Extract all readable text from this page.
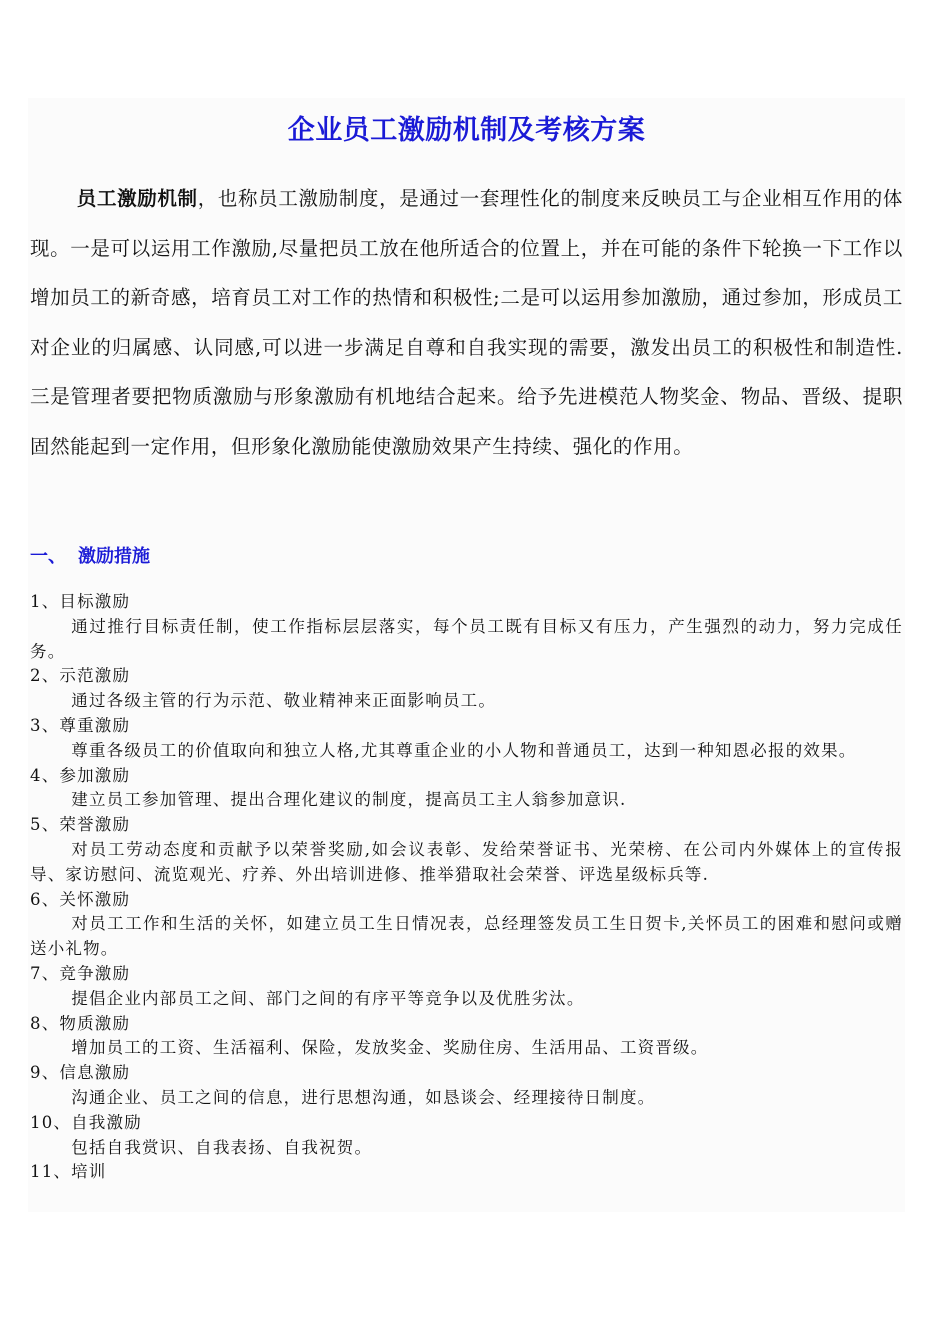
企业员工激励机制及考核方案

员工激励机制，也称员工激励制度，是通过一套理性化的制度来反映员工与企业相互作用的体现。一是可以运用工作激励,尽量把员工放在他所适合的位置上，并在可能的条件下轮换一下工作以增加员工的新奇感，培育员工对工作的热情和积极性;二是可以运用参加激励，通过参加，形成员工对企业的归属感、认同感,可以进一步满足自尊和自我实现的需要，激发出员工的积极性和制造性.三是管理者要把物质激励与形象激励有机地结合起来。给予先进模范人物奖金、物品、晋级、提职固然能起到一定作用，但形象化激励能使激励效果产生持续、强化的作用。

一、 激励措施
1、目标激励
通过推行目标责任制，使工作指标层层落实，每个员工既有目标又有压力，产生强烈的动力，努力完成任务。
2、示范激励
通过各级主管的行为示范、敬业精神来正面影响员工。
3、尊重激励
尊重各级员工的价值取向和独立人格,尤其尊重企业的小人物和普通员工，达到一种知恩必报的效果。
4、参加激励
建立员工参加管理、提出合理化建议的制度，提高员工主人翁参加意识.
5、荣誉激励
对员工劳动态度和贡献予以荣誉奖励,如会议表彰、发给荣誉证书、光荣榜、在公司内外媒体上的宣传报导、家访慰问、流览观光、疗养、外出培训进修、推举猎取社会荣誉、评选星级标兵等.
6、关怀激励
对员工工作和生活的关怀，如建立员工生日情况表，总经理签发员工生日贺卡,关怀员工的困难和慰问或赠送小礼物。
7、竞争激励
提倡企业内部员工之间、部门之间的有序平等竞争以及优胜劣汰。
8、物质激励
增加员工的工资、生活福利、保险，发放奖金、奖励住房、生活用品、工资晋级。
9、信息激励
沟通企业、员工之间的信息，进行思想沟通，如恳谈会、经理接待日制度。
10、自我激励
包括自我赏识、自我表扬、自我祝贺。
11、培训
